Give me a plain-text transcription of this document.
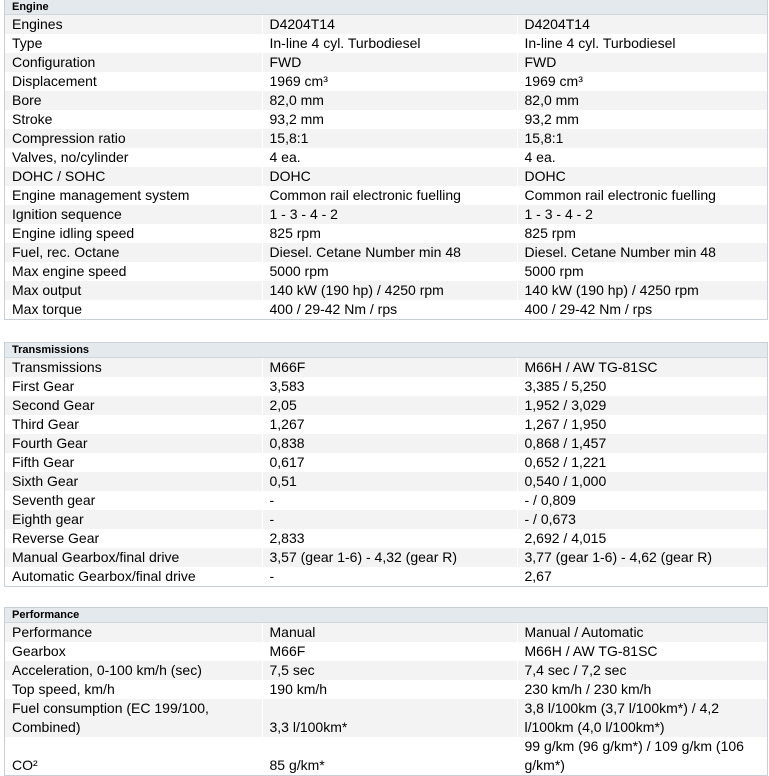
Engine
Engines	D4204T14	D4204T14
Type	In-line 4 cyl. Turbodiesel	In-line 4 cyl. Turbodiesel
Configuration	FWD	FWD
Displacement	1969 cm³	1969 cm³
Bore	82,0 mm	82,0 mm
Stroke	93,2 mm	93,2 mm
Compression ratio	15,8:1	15,8:1
Valves, no/cylinder	4 ea.	4 ea.
DOHC / SOHC	DOHC	DOHC
Engine management system	Common rail electronic fuelling	Common rail electronic fuelling
Ignition sequence	1 - 3 - 4 - 2	1 - 3 - 4 - 2
Engine idling speed	825 rpm	825 rpm
Fuel, rec. Octane	Diesel. Cetane Number min 48	Diesel. Cetane Number min 48
Max engine speed	5000 rpm	5000 rpm
Max output	140 kW (190 hp) / 4250 rpm	140 kW (190 hp) / 4250 rpm
Max torque	400 / 29-42 Nm / rps	400 / 29-42 Nm / rps
Transmissions
Transmissions	M66F	M66H / AW TG-81SC
First Gear	3,583	3,385 / 5,250
Second Gear	2,05	1,952 / 3,029
Third Gear	1,267	1,267 / 1,950
Fourth Gear	0,838	0,868 / 1,457
Fifth Gear	0,617	0,652 / 1,221
Sixth Gear	0,51	0,540 / 1,000
Seventh gear	-	- / 0,809
Eighth gear	-	- / 0,673
Reverse Gear	2,833	2,692 / 4,015
Manual Gearbox/final drive	3,57 (gear 1-6) - 4,32 (gear R)	3,77 (gear 1-6) - 4,62 (gear R)
Automatic Gearbox/final drive	-	2,67
Performance
Performance	Manual	Manual / Automatic
Gearbox	M66F	M66H / AW TG-81SC
Acceleration, 0-100 km/h (sec)	7,5 sec	7,4 sec / 7,2 sec
Top speed, km/h	190 km/h	230 km/h / 230 km/h
Fuel consumption (EC 199/100, Combined)	3,3 l/100km*	3,8 l/100km (3,7 l/100km*) / 4,2 l/100km (4,0 l/100km*)
CO²	85 g/km*	99 g/km (96 g/km*) / 109 g/km (106 g/km*)
